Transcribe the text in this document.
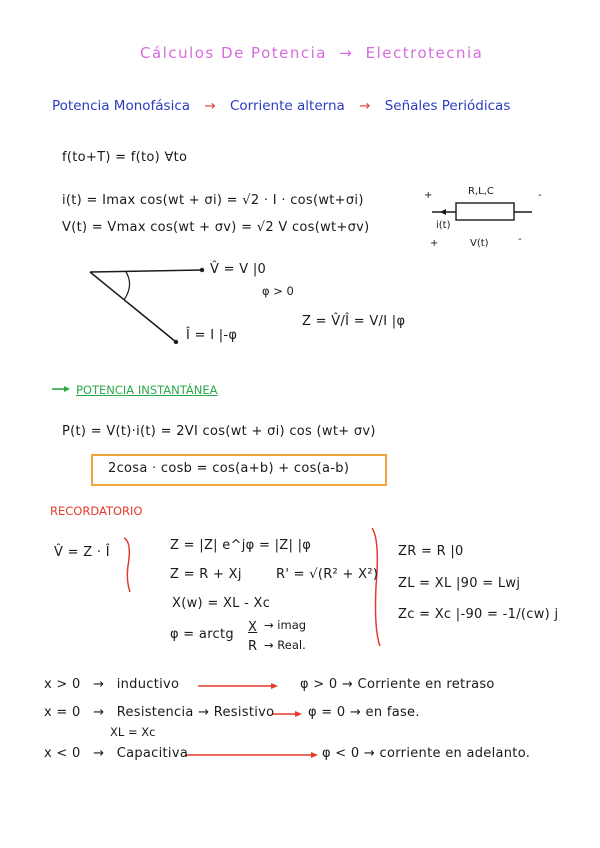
Cálculos De Potencia → Electrotecnia
Potencia Monofásica → Corriente alterna → Señales Periódicas
f(to+T) = f(to) ∀to
i(t) = Imax cos(wt + σi) = √2 · I · cos(wt+σi)
V(t) = Vmax cos(wt + σv) = √2 V cos(wt+σv)
R,L,C
+	-
i(t)
+	V(t)	-
V̂ = V |0
φ > 0
Î = I |-φ
Z = V̂/Î = V/I |φ
POTENCIA INSTANTÁNEA
P(t) = V(t)·i(t) = 2VI cos(wt + σi) cos (wt+ σv)
2cosa · cosb = cos(a+b) + cos(a-b)
RECORDATORIO
V̂ = Z · Î	Z = |Z| e^jφ = |Z| |φ
Z = R + Xj	R' = √(R² + X²)
X(w) = XL - Xc
φ = arctg X
R
→ imag
→ Real.
ZR = R |0
ZL = XL |90 = Lwj
Zc = Xc |-90 = -1/(cw) j
x > 0 → inductivo	φ > 0 → Corriente en retraso
x = 0 → Resistencia → Resistivo	φ = 0 → en fase.
XL = Xc
x < 0 → Capacitiva	φ < 0 → corriente en adelanto.
